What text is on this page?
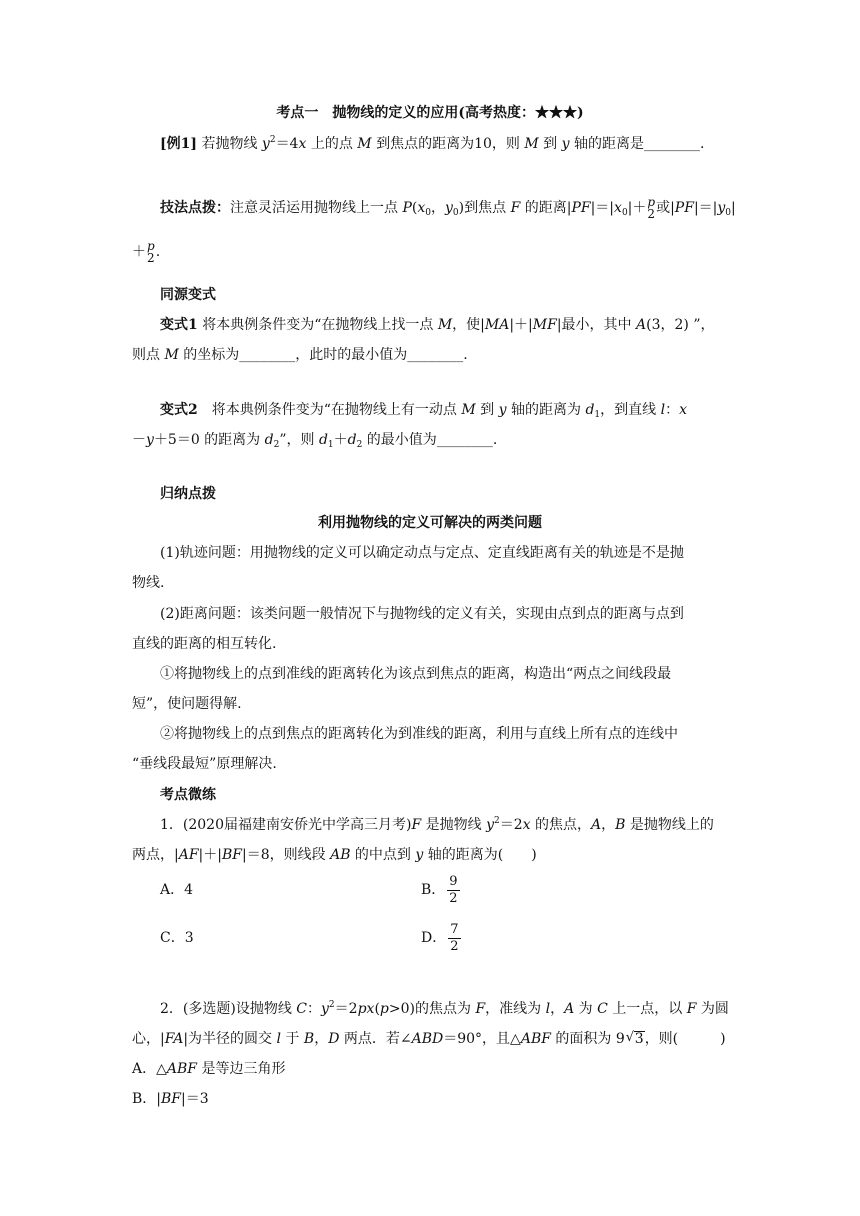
考点一　抛物线的定义的应用(高考热度：★★★)
[例1] 若抛物线 $y^2=4x$ 上的点 M 到焦点的距离为10，则 M 到 y 轴的距离是________.
技法点拨：注意灵活运用抛物线上一点 $P(x_0$，$y_0$)到焦点 F 的距离$|PF|=|x_0|+ p$
2 或$|PF|=|y_0|$
＋ p
2 .
同源变式
变式1 将本典例条件变为“在抛物线上找一点 M，使|MA|＋|MF|最小，其中 A(3，2) ”，
则点 M 的坐标为________，此时的最小值为________.
变式2　将本典例条件变为“在抛物线上有一动点 M 到 y 轴的距离为 $d_1$，到直线 l：x
－y＋5＝0 的距离为 $d_2$”，则 $d_1+d_2$ 的最小值为________.
归纳点拨
利用抛物线的定义可解决的两类问题
(1)轨迹问题：用抛物线的定义可以确定动点与定点、定直线距离有关的轨迹是不是抛
物线.
(2)距离问题：该类问题一般情况下与抛物线的定义有关，实现由点到点的距离与点到
直线的距离的相互转化.
①将抛物线上的点到准线的距离转化为该点到焦点的距离，构造出“两点之间线段最
短”，使问题得解.
②将抛物线上的点到焦点的距离转化为到准线的距离，利用与直线上所有点的连线中
“垂线段最短”原理解决.
考点微练
1．(2020届福建南安侨光中学高三月考)F 是抛物线 $y^2=2x$ 的焦点，A，B 是抛物线上的
两点，|AF|＋|BF|＝8，则线段 AB 的中点到 y 轴的距离为(　　)
A．4	B． $\frac{9}{2}$
C．3	D． $\frac{7}{2}$
2．(多选题)设抛物线 C：$y^2=2px(p>0)$的焦点为 F，准线为 l，A 为 C 上一点，以 F 为圆
心，|FA|为半径的圆交 l 于 B，D 两点．若∠ABD＝90°，且△ABF 的面积为 9√ 3，则(　　　)
A．△ABF 是等边三角形
B．|BF|＝3
